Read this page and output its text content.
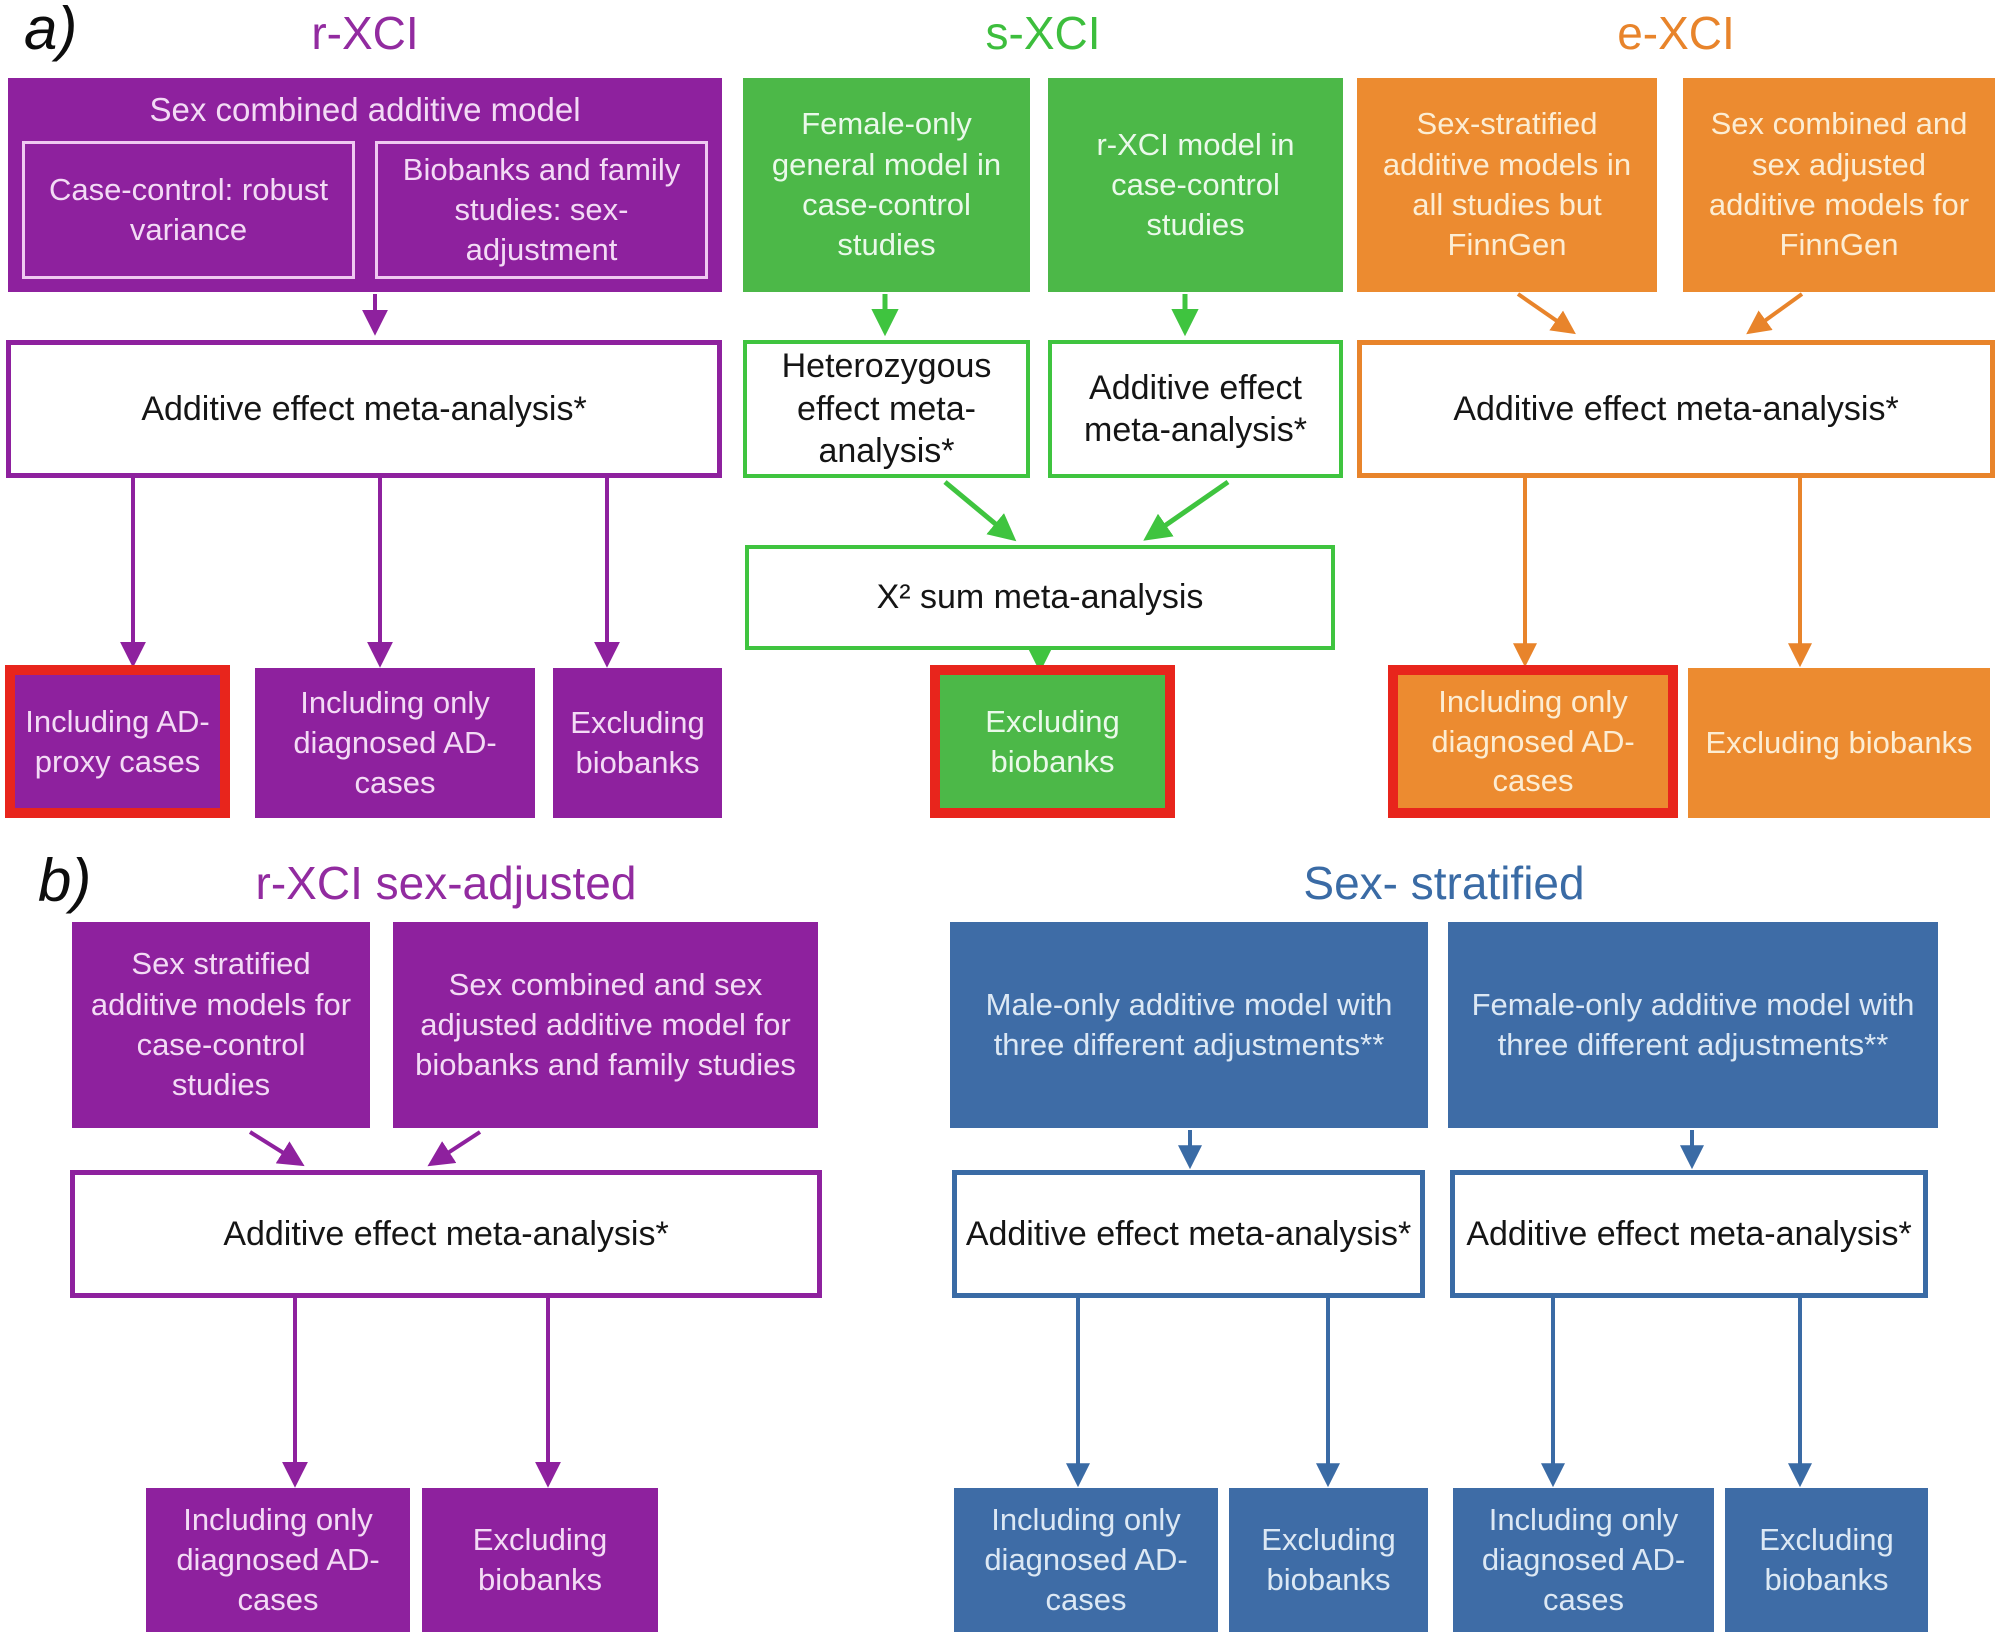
a)	r-XCI	s-XCI	e-XCI
Sex combined additive model
Case-control: robust variance
Biobanks and family studies: sex-adjustment
Female-only general model in case-control studies
r-XCI model in case-control studies
Sex-stratified additive models in all studies but FinnGen
Sex combined and sex adjusted additive models for FinnGen
Additive effect meta-analysis*
Heterozygous effect meta-analysis*
Additive effect meta-analysis*
Additive effect meta-analysis*
X² sum meta-analysis
Including AD-proxy cases
Including only diagnosed AD-cases
Excluding biobanks
Excluding biobanks
Including only diagnosed AD-cases
Excluding biobanks
b)	r-XCI sex-adjusted	Sex- stratified
Sex stratified additive models for case-control studies
Sex combined and sex adjusted additive model for biobanks and family studies
Male-only additive model with three different adjustments**
Female-only additive model with three different adjustments**
Additive effect meta-analysis*	Additive effect meta-analysis*	Additive effect meta-analysis*
Including only diagnosed AD-cases
Excluding biobanks
Including only diagnosed AD-cases
Excluding biobanks
Including only diagnosed AD-cases
Excluding biobanks
